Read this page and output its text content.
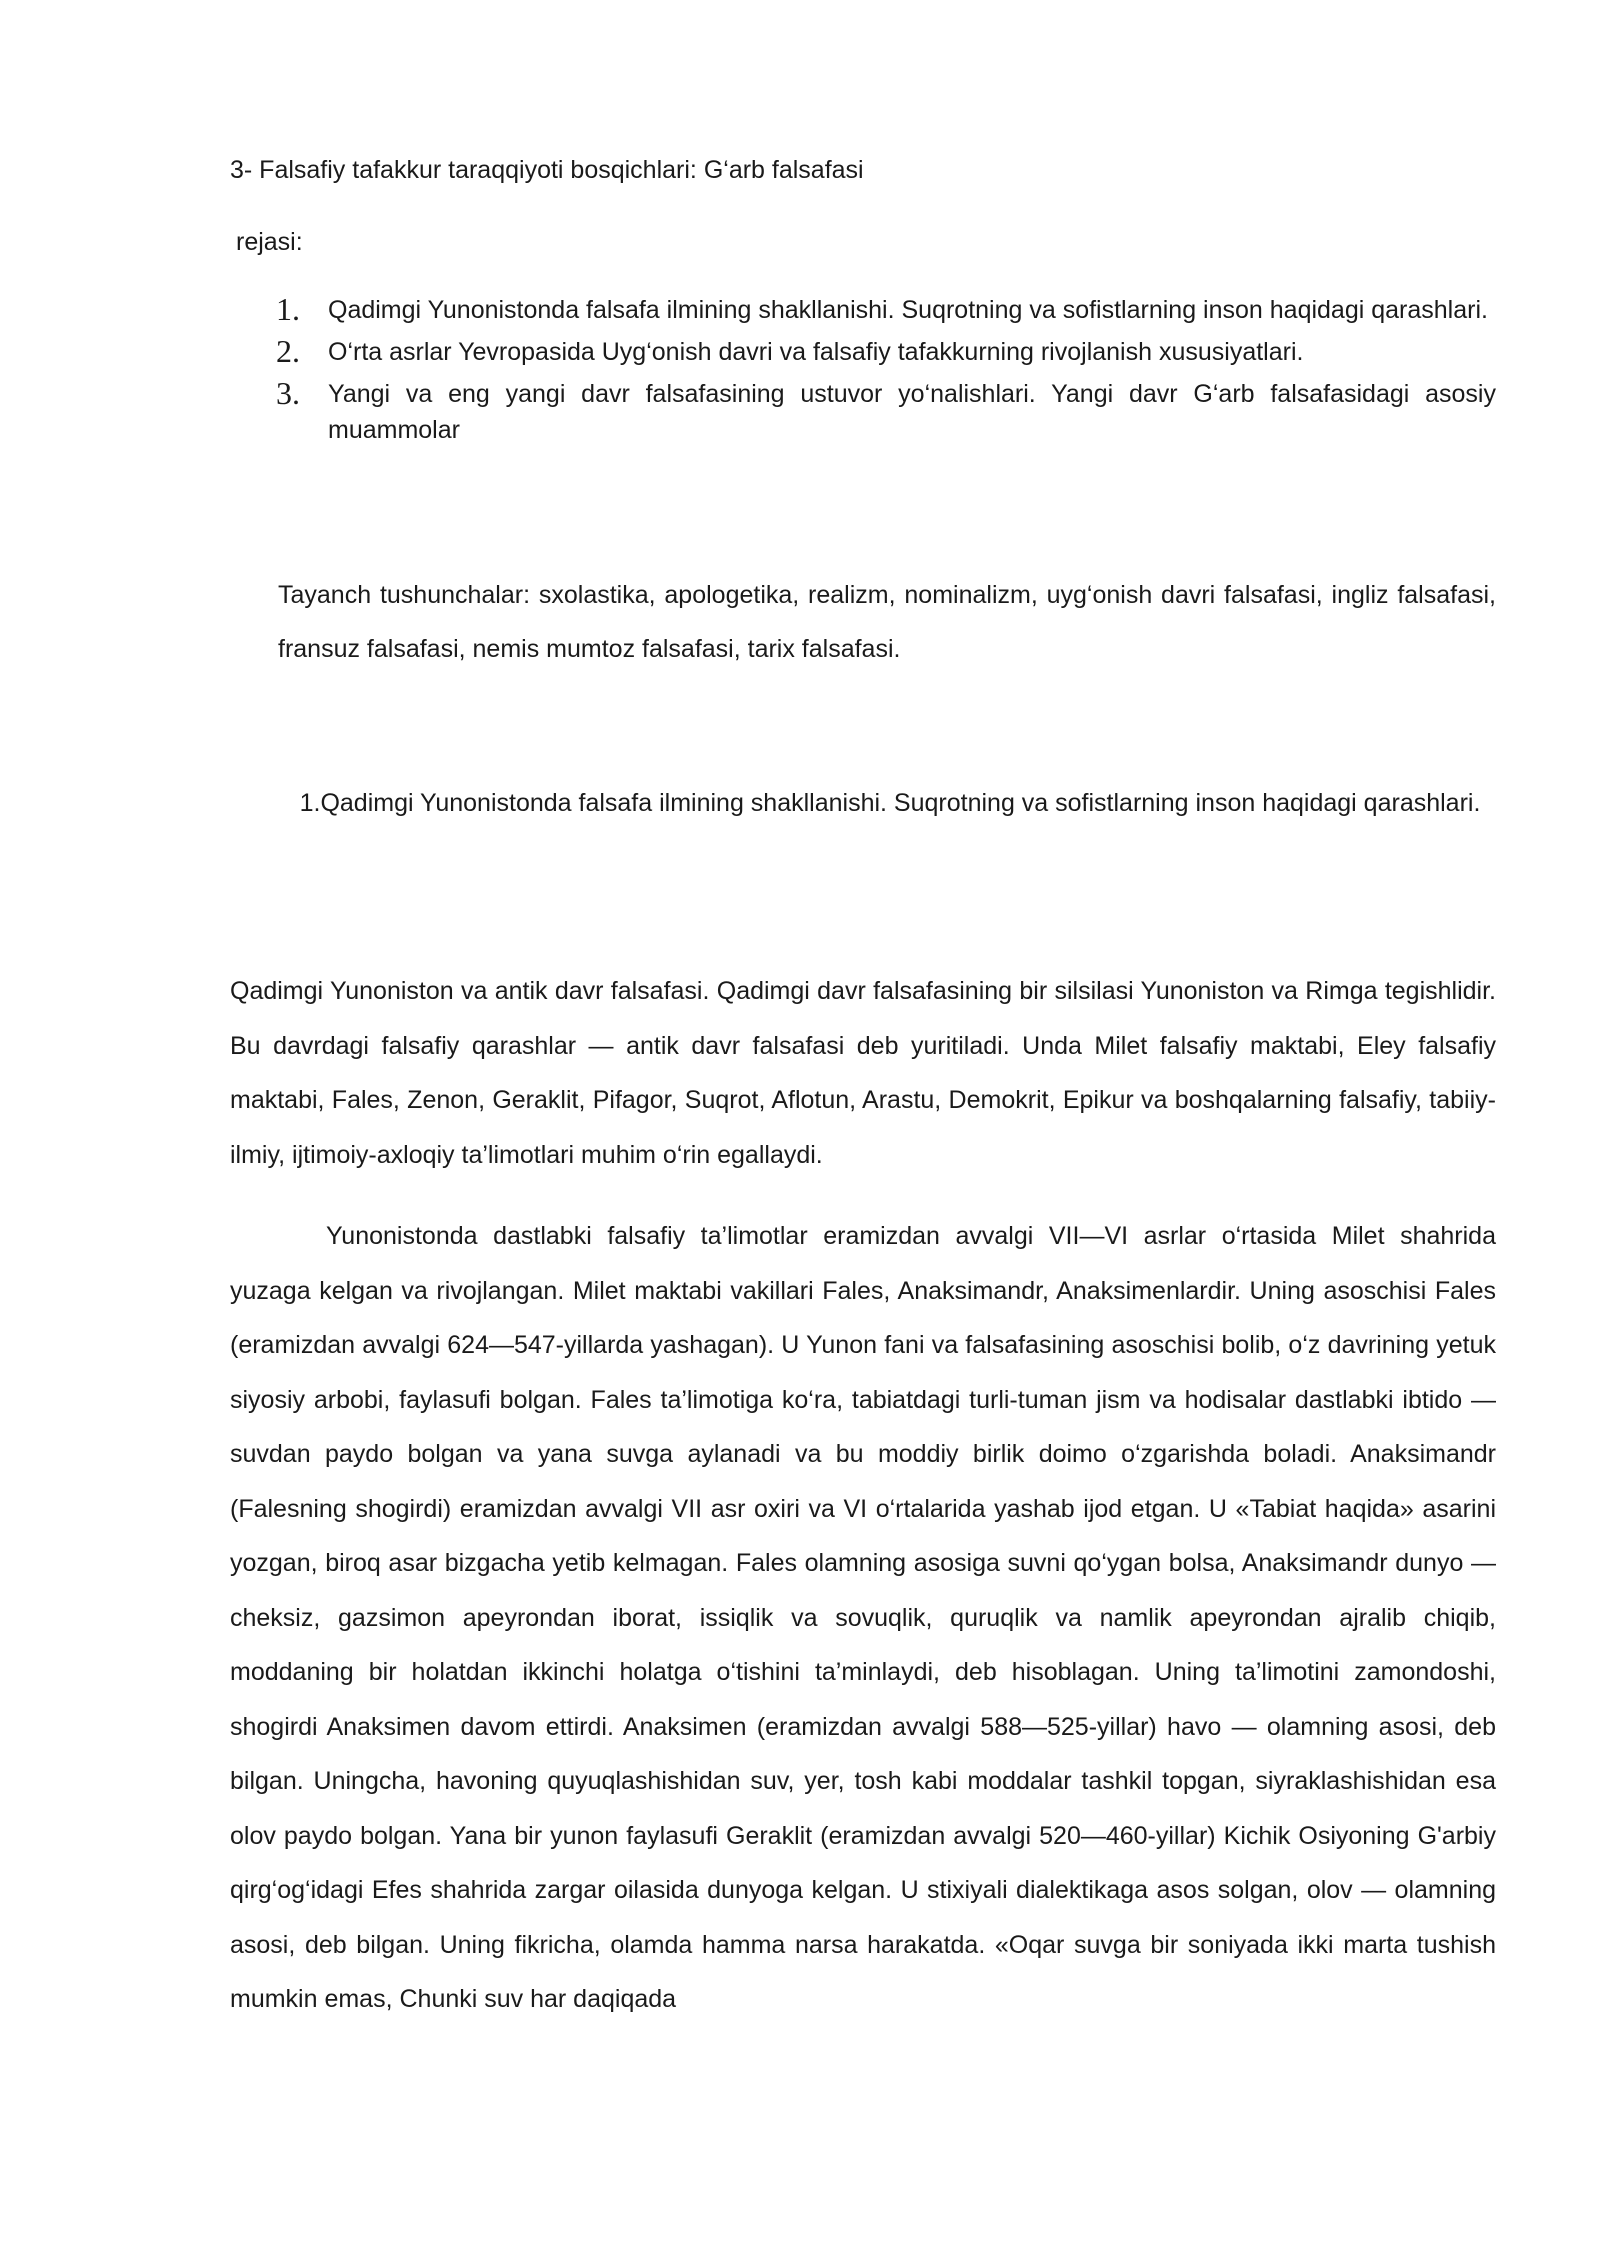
3- Falsafiy tafakkur taraqqiyoti bosqichlari: G‘arb falsafasi
rejasi:
1. Qadimgi Yunonistonda falsafa ilmining shakllanishi. Suqrotning va sofistlarning inson haqidagi qarashlari.
2. O‘rta asrlar Yevropasida Uyg‘onish davri va falsafiy tafakkurning rivojlanish xususiyatlari.
3. Yangi va eng yangi davr falsafasining ustuvor yo‘nalishlari. Yangi davr G‘arb falsafasidagi asosiy muammolar
Tayanch tushunchalar: sxolastika, apologetika, realizm, nominalizm, uyg‘onish davri falsafasi, ingliz falsafasi, fransuz falsafasi, nemis mumtoz falsafasi, tarix falsafasi.
1.Qadimgi Yunonistonda falsafa ilmining shakllanishi. Suqrotning va sofistlarning inson haqidagi qarashlari.

Qadimgi Yunoniston va antik davr falsafasi. Qadimgi davr falsafasining bir silsilasi Yunoniston va Rimga tegishlidir. Bu davrdagi falsafiy qarashlar — antik davr falsafasi deb yuritiladi. Unda Milet falsafiy maktabi, Eley falsafiy maktabi, Fales, Zenon, Geraklit, Pifagor, Suqrot, Aflotun, Arastu, Demokrit, Epikur va boshqalarning falsafiy, tabiiy-ilmiy, ijtimoiy-axloqiy ta’limotlari muhim o‘rin egallaydi.

Yunonistonda dastlabki falsafiy ta’limotlar eramizdan avvalgi VII—VI asrlar o‘rtasida Milet shahrida yuzaga kelgan va rivojlangan. Milet maktabi vakillari Fales, Anaksimandr, Anaksimenlardir. Uning asoschisi Fales (eramizdan avvalgi 624—547-yillarda yashagan). U Yunon fani va falsafasining asoschisi bolib, o‘z davrining yetuk siyosiy arbobi, faylasufi bolgan. Fales ta’limotiga ko‘ra, tabiatdagi turli-tuman jism va hodisalar dastlabki ibtido — suvdan paydo bolgan va yana suvga aylanadi va bu moddiy birlik doimo o‘zgarishda boladi. Anaksimandr (Falesning shogirdi) eramizdan avvalgi VII asr oxiri va VI o‘rtalarida yashab ijod etgan. U «Tabiat haqida» asarini yozgan, biroq asar bizgacha yetib kelmagan. Fales olamning asosiga suvni qo‘ygan bolsa, Anaksimandr dunyo — cheksiz, gazsimon apeyrondan iborat, issiqlik va sovuqlik, quruqlik va namlik apeyrondan ajralib chiqib, moddaning bir holatdan ikkinchi holatga o‘tishini ta’minlaydi, deb hisoblagan. Uning ta’limotini zamondoshi, shogirdi Anaksimen davom ettirdi. Anaksimen (eramizdan avvalgi 588—525-yillar) havo — olamning asosi, deb bilgan. Uningcha, havoning quyuqlashishidan suv, yer, tosh kabi moddalar tashkil topgan, siyraklashishidan esa olov paydo bolgan. Yana bir yunon faylasufi Geraklit (eramizdan avvalgi 520—460-yillar) Kichik Osiyoning G'arbiy qirg‘og‘idagi Efes shahrida zargar oilasida dunyoga kelgan. U stixiyali dialektikaga asos solgan, olov — olamning asosi, deb bilgan. Uning fikricha, olamda hamma narsa harakatda. «Oqar suvga bir soniyada ikki marta tushish mumkin emas, Chunki suv har daqiqada
